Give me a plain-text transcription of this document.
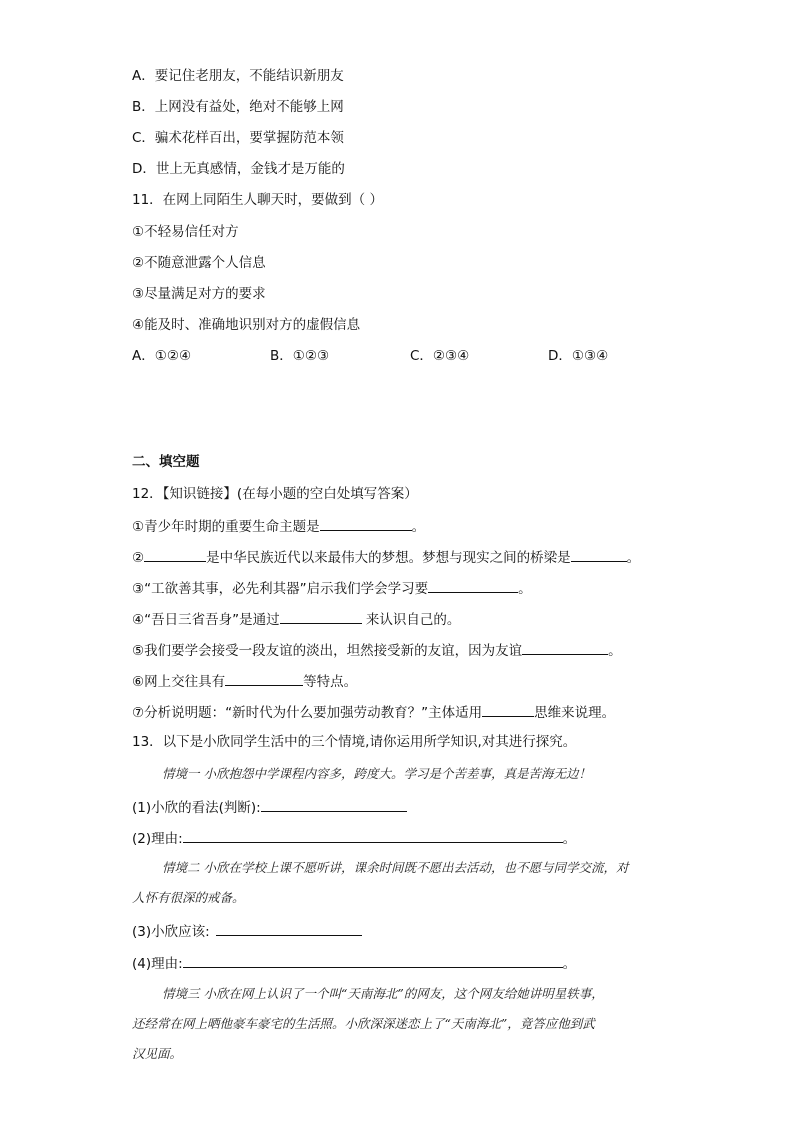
A．要记住老朋友，不能结识新朋友
B．上网没有益处，绝对不能够上网
C．骗术花样百出，要掌握防范本领
D．世上无真感情，金钱才是万能的
11．在网上同陌生人聊天时，要做到（ ）
①不轻易信任对方
②不随意泄露个人信息
③尽量满足对方的要求
④能及时、准确地识别对方的虚假信息
A．①②④	B．①②③	C．②③④	D．①③④
二、填空题
12．【知识链接】(在每小题的空白处填写答案）
①青少年时期的重要生命主题是	。
②	是中华民族近代以来最伟大的梦想。梦想与现实之间的桥梁是	。
③“工欲善其事，必先利其器”启示我们学会学习要	。
④“吾日三省吾身”是通过	来认识自己的。
⑤我们要学会接受一段友谊的淡出，坦然接受新的友谊，因为友谊	。
⑥网上交往具有	等特点。
⑦分析说明题：“新时代为什么要加强劳动教育？”主体适用	思维来说理。
13．以下是小欣同学生活中的三个情境,请你运用所学知识,对其进行探究。
情境一 小欣抱怨中学课程内容多，跨度大。学习是个苦差事，真是苦海无边！
(1)小欣的看法(判断):
(2)理由:	。
情境二 小欣在学校上课不愿听讲，课余时间既不愿出去活动，也不愿与同学交流，对
人怀有很深的戒备。
(3)小欣应该:
(4)理由:	。
情境三 小欣在网上认识了一个叫“天南海北”的网友，这个网友给她讲明星轶事，
还经常在网上晒他豪车豪宅的生活照。小欣深深迷恋上了“天南海北”，竟答应他到武
汉见面。
